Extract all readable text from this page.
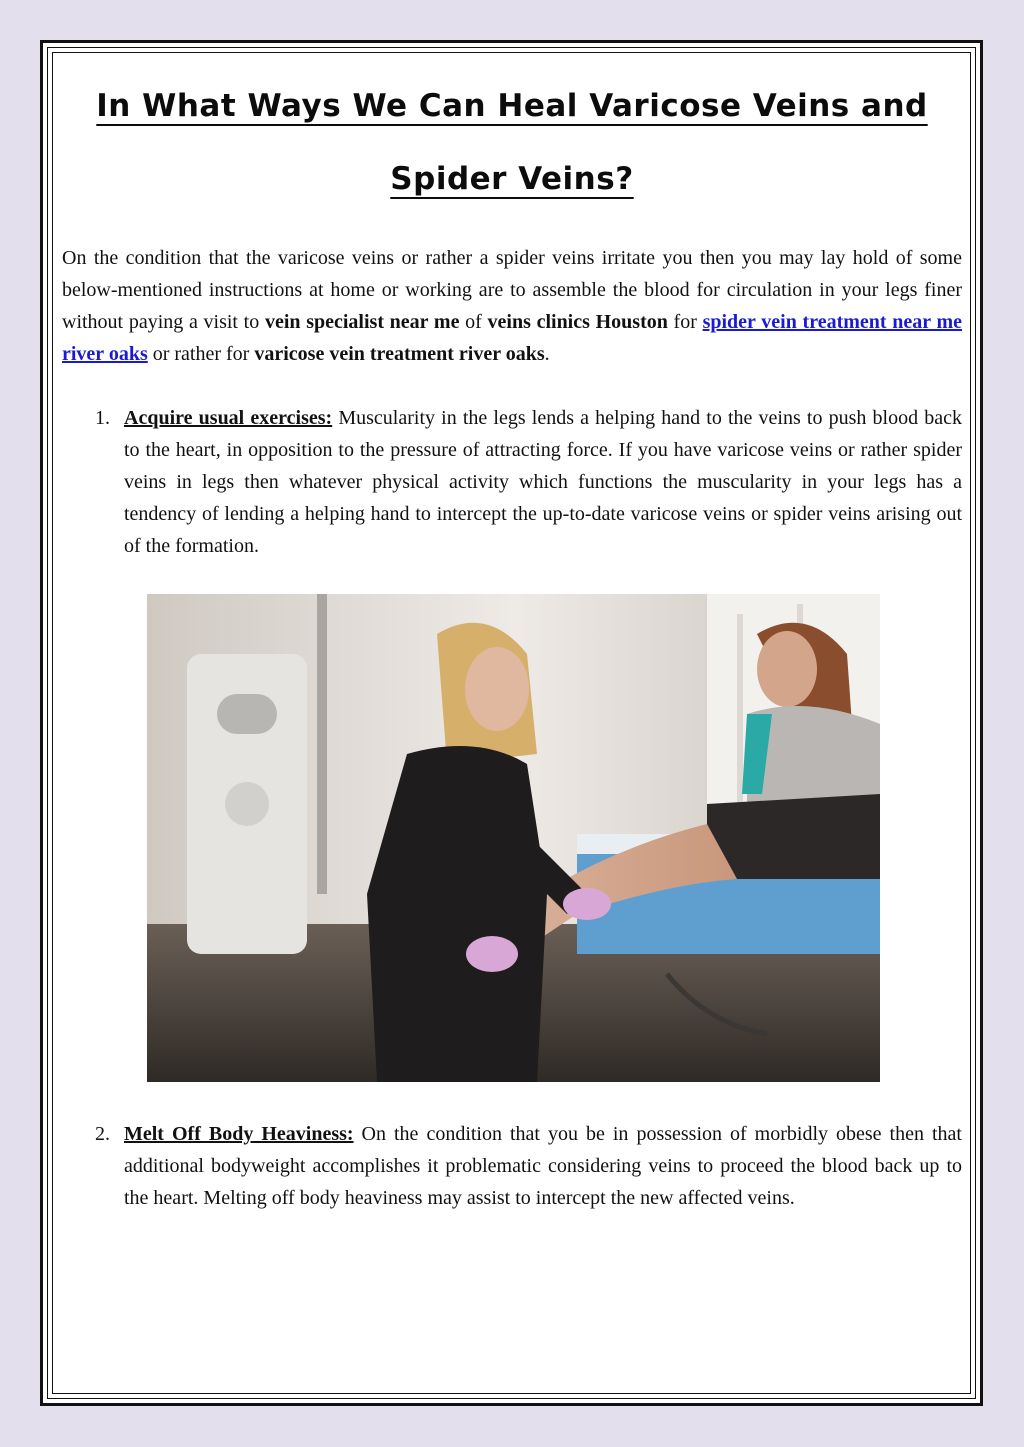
In What Ways We Can Heal Varicose Veins and Spider Veins?

On the condition that the varicose veins or rather a spider veins irritate you then you may lay hold of some below-mentioned instructions at home or working are to assemble the blood for circulation in your legs finer without paying a visit to vein specialist near me of veins clinics Houston for spider vein treatment near me river oaks or rather for varicose vein treatment river oaks.

1. Acquire usual exercises: Muscularity in the legs lends a helping hand to the veins to push blood back to the heart, in opposition to the pressure of attracting force. If you have varicose veins or rather spider veins in legs then whatever physical activity which functions the muscularity in your legs has a tendency of lending a helping hand to intercept the up-to-date varicose veins or spider veins arising out of the formation.
2. Melt Off Body Heaviness: On the condition that you be in possession of morbidly obese then that additional bodyweight accomplishes it problematic considering veins to proceed the blood back up to the heart. Melting off body heaviness may assist to intercept the new affected veins.
